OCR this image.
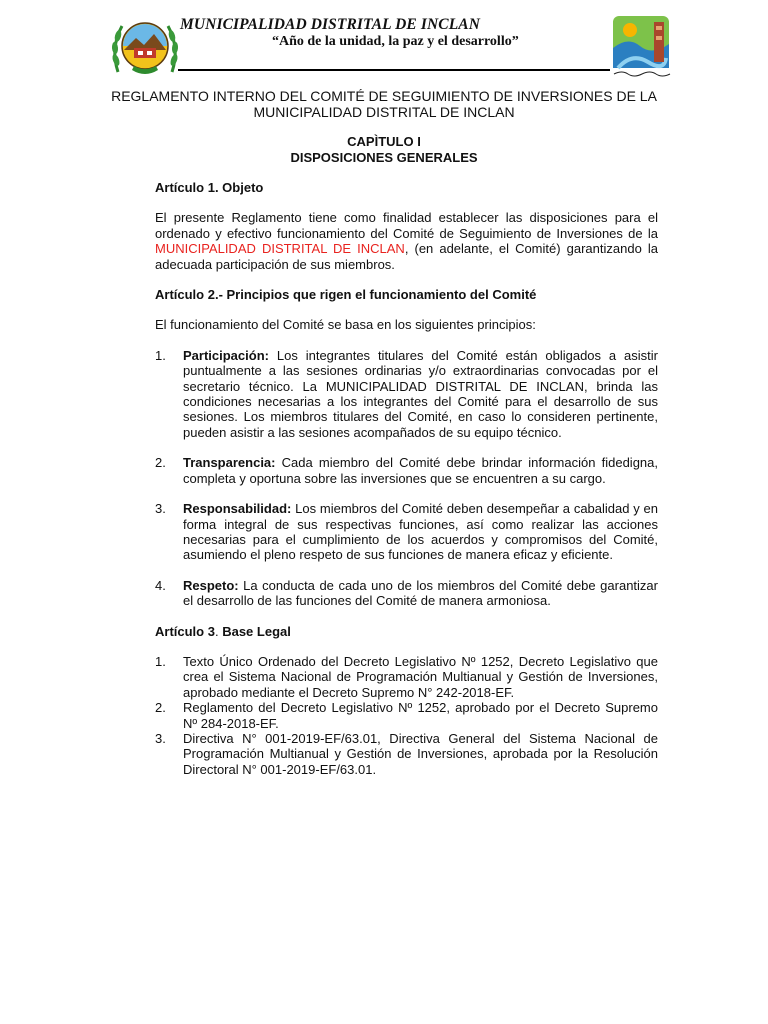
MUNICIPALIDAD DISTRITAL DE INCLAN
“Año de la unidad, la paz y el desarrollo”
REGLAMENTO INTERNO DEL COMITÉ DE SEGUIMIENTO DE INVERSIONES DE LA MUNICIPALIDAD DISTRITAL DE INCLAN
CAPÌTULO I
DISPOSICIONES GENERALES

Artículo 1. Objeto

El presente Reglamento tiene como finalidad establecer las disposiciones para el ordenado y efectivo funcionamiento del Comité de Seguimiento de Inversiones de la MUNICIPALIDAD DISTRITAL DE INCLAN, (en adelante, el Comité) garantizando la adecuada participación de sus miembros.

Artículo 2.- Principios que rigen el funcionamiento del Comité

El funcionamiento del Comité se basa en los siguientes principios:

1. Participación: Los integrantes titulares del Comité están obligados a asistir puntualmente a las sesiones ordinarias y/o extraordinarias convocadas por el secretario técnico. La MUNICIPALIDAD DISTRITAL DE INCLAN, brinda las condiciones necesarias a los integrantes del Comité para el desarrollo de sus sesiones. Los miembros titulares del Comité, en caso lo consideren pertinente, pueden asistir a las sesiones acompañados de su equipo técnico.
2. Transparencia: Cada miembro del Comité debe brindar información fidedigna, completa y oportuna sobre las inversiones que se encuentren a su cargo.
3. Responsabilidad: Los miembros del Comité deben desempeñar a cabalidad y en forma integral de sus respectivas funciones, así como realizar las acciones necesarias para el cumplimiento de los acuerdos y compromisos del Comité, asumiendo el pleno respeto de sus funciones de manera eficaz y eficiente.
4. Respeto: La conducta de cada uno de los miembros del Comité debe garantizar el desarrollo de las funciones del Comité de manera armoniosa.

Artículo 3. Base Legal

1. Texto Único Ordenado del Decreto Legislativo Nº 1252, Decreto Legislativo que crea el Sistema Nacional de Programación Multianual y Gestión de Inversiones, aprobado mediante el Decreto Supremo N° 242-2018-EF.
2. Reglamento del Decreto Legislativo Nº 1252, aprobado por el Decreto Supremo Nº 284-2018-EF.
3. Directiva N° 001-2019-EF/63.01, Directiva General del Sistema Nacional de Programación Multianual y Gestión de Inversiones, aprobada por la Resolución Directoral N° 001-2019-EF/63.01.
